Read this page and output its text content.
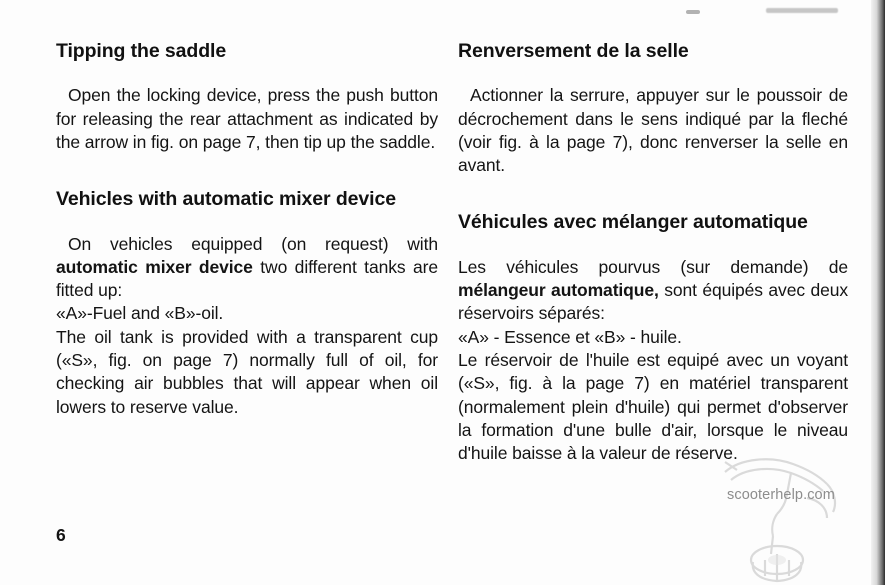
Tipping the saddle

Open the locking device, press the push button for releasing the rear attachment as indicated by the arrow in fig. on page 7, then tip up the saddle.

Vehicles with automatic mixer device

On vehicles equipped (on request) with automatic mixer device two different tanks are fitted up:

«A»-Fuel and «B»-oil.

The oil tank is provided with a transparent cup («S», fig. on page 7) normally full of oil, for checking air bubbles that will appear when oil lowers to reserve value.

Renversement de la selle

Actionner la serrure, appuyer sur le poussoir de décrochement dans le sens indiqué par la fleché (voir fig. à la page 7), donc renverser la selle en avant.

Véhicules avec mélanger automatique

Les véhicules pourvus (sur demande) de mélangeur automatique, sont équipés avec deux réservoirs séparés:

«A» - Essence et «B» - huile.

Le réservoir de l'huile est equipé avec un voyant («S», fig. à la page 7) en matériel transparent (normalement plein d'huile) qui permet d'observer la formation d'une bulle d'air, lorsque le niveau d'huile baisse à la valeur de réserve.

6
scooterhelp.com
